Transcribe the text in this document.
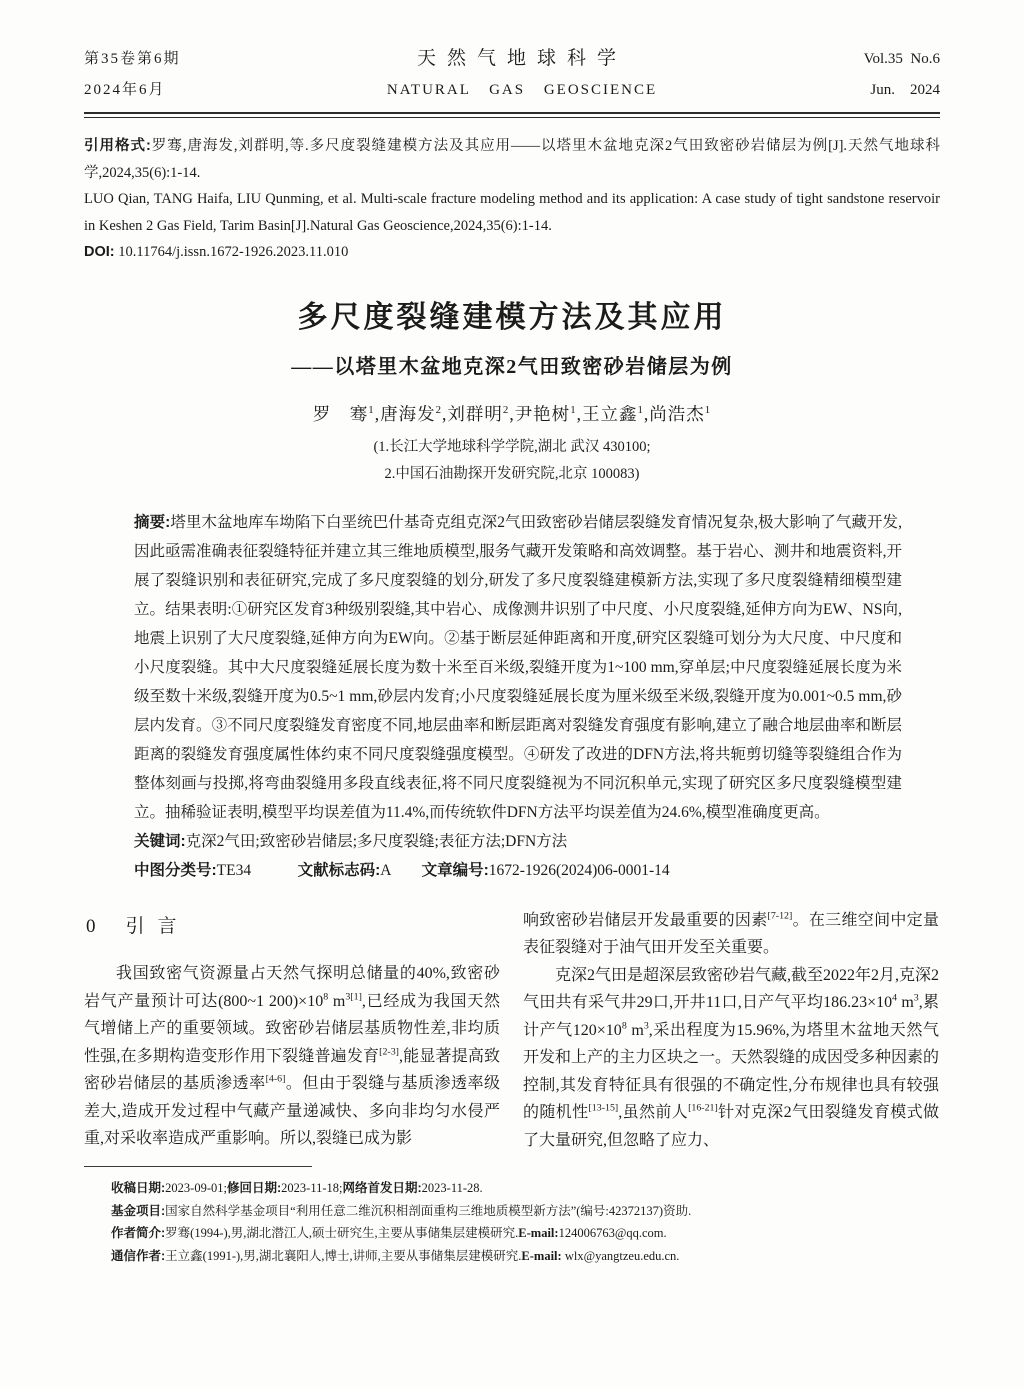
第35卷第6期
2024年6月
天然气地球科学
NATURAL GAS GEOSCIENCE
Vol.35  No.6
Jun.    2024

引用格式:罗骞,唐海发,刘群明,等.多尺度裂缝建模方法及其应用——以塔里木盆地克深2气田致密砂岩储层为例[J].天然气地球科学,2024,35(6):1-14.

LUO Qian, TANG Haifa, LIU Qunming, et al. Multi-scale fracture modeling method and its application: A case study of tight sandstone reservoir in Keshen 2 Gas Field, Tarim Basin[J].Natural Gas Geoscience,2024,35(6):1-14.

DOI: 10.11764/j.issn.1672-1926.2023.11.010

多尺度裂缝建模方法及其应用
——以塔里木盆地克深2气田致密砂岩储层为例
罗　骞$^1$,唐海发$^2$,刘群明$^2$,尹艳树$^1$,王立鑫$^1$,尚浩杰$^1$
(1.长江大学地球科学学院,湖北 武汉 430100;
2.中国石油勘探开发研究院,北京 100083)

摘要:塔里木盆地库车坳陷下白垩统巴什基奇克组克深2气田致密砂岩储层裂缝发育情况复杂,极大影响了气藏开发,因此亟需准确表征裂缝特征并建立其三维地质模型,服务气藏开发策略和高效调整。基于岩心、测井和地震资料,开展了裂缝识别和表征研究,完成了多尺度裂缝的划分,研发了多尺度裂缝建模新方法,实现了多尺度裂缝精细模型建立。结果表明:①研究区发育3种级别裂缝,其中岩心、成像测井识别了中尺度、小尺度裂缝,延伸方向为EW、NS向,地震上识别了大尺度裂缝,延伸方向为EW向。②基于断层延伸距离和开度,研究区裂缝可划分为大尺度、中尺度和小尺度裂缝。其中大尺度裂缝延展长度为数十米至百米级,裂缝开度为1~100 mm,穿单层;中尺度裂缝延展长度为米级至数十米级,裂缝开度为0.5~1 mm,砂层内发育;小尺度裂缝延展长度为厘米级至米级,裂缝开度为0.001~0.5 mm,砂层内发育。③不同尺度裂缝发育密度不同,地层曲率和断层距离对裂缝发育强度有影响,建立了融合地层曲率和断层距离的裂缝发育强度属性体约束不同尺度裂缝强度模型。④研发了改进的DFN方法,将共轭剪切缝等裂缝组合作为整体刻画与投掷,将弯曲裂缝用多段直线表征,将不同尺度裂缝视为不同沉积单元,实现了研究区多尺度裂缝模型建立。抽稀验证表明,模型平均误差值为11.4%,而传统软件DFN方法平均误差值为24.6%,模型准确度更高。

关键词:克深2气田;致密砂岩储层;多尺度裂缝;表征方法;DFN方法

中图分类号:TE34　　　文献标志码:A　　文章编号:1672-1926(2024)06-0001-14

0 引言

我国致密气资源量占天然气探明总储量的40%,致密砂岩气产量预计可达(800~1 $200)\times 10^8$ $m^{3[1]}$,已经成为我国天然气增储上产的重要领域。致密砂岩储层基质物性差,非均质性强,在多期构造变形作用下裂缝普遍发育[2-3],能显著提高致密砂岩储层的基质渗透率[4-6]。但由于裂缝与基质渗透率级差大,造成开发过程中气藏产量递减快、多向非均匀水侵严重,对采收率造成严重影响。所以,裂缝已成为影

响致密砂岩储层开发最重要的因素[7-12]。在三维空间中定量表征裂缝对于油气田开发至关重要。

克深2气田是超深层致密砂岩气藏,截至2022年2月,克深2气田共有采气井29口,开井11口,日产气平均$186.23\times 10^4$ $m^3$,累计产气$120\times 10^8$ $m^3$,采出程度为15.96%,为塔里木盆地天然气开发和上产的主力区块之一。天然裂缝的成因受多种因素的控制,其发育特征具有很强的不确定性,分布规律也具有较强的随机性[13-15],虽然前人[16-21]针对克深2气田裂缝发育模式做了大量研究,但忽略了应力、

收稿日期:2023-09-01;修回日期:2023-11-18;网络首发日期:2023-11-28.

基金项目:国家自然科学基金项目“利用任意二维沉积相剖面重构三维地质模型新方法”(编号:42372137)资助.

作者简介:罗骞(1994-),男,湖北潜江人,硕士研究生,主要从事储集层建模研究.E-mail:124006763@qq.com.

通信作者:王立鑫(1991-),男,湖北襄阳人,博士,讲师,主要从事储集层建模研究.E-mail: wlx@yangtzeu.edu.cn.
